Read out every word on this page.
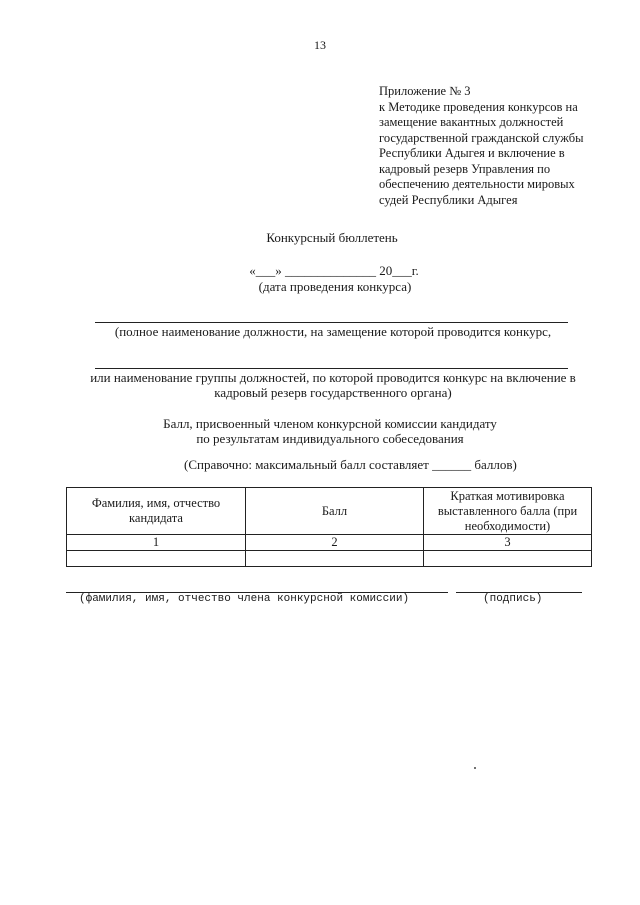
13
Приложение № 3
к Методике проведения конкурсов на
замещение вакантных должностей
государственной гражданской службы
Республики Адыгея и включение в
кадровый резерв Управления по
обеспечению деятельности мировых
судей Республики Адыгея
Конкурсный бюллетень
«___» ______________ 20___г.
(дата проведения конкурса)
(полное наименование должности, на замещение которой проводится конкурс,
или наименование группы должностей, по которой проводится конкурс на включение в
кадровый резерв государственного органа)
Балл, присвоенный членом конкурсной комиссии кандидату
по результатам индивидуального собеседования
(Справочно: максимальный балл составляет ______ баллов)
Фамилия, имя, отчество кандидата	Балл	Краткая мотивировка выставленного балла (при необходимости)
1	2	3

(фамилия, имя, отчество члена конкурсной комиссии)	(подпись)
